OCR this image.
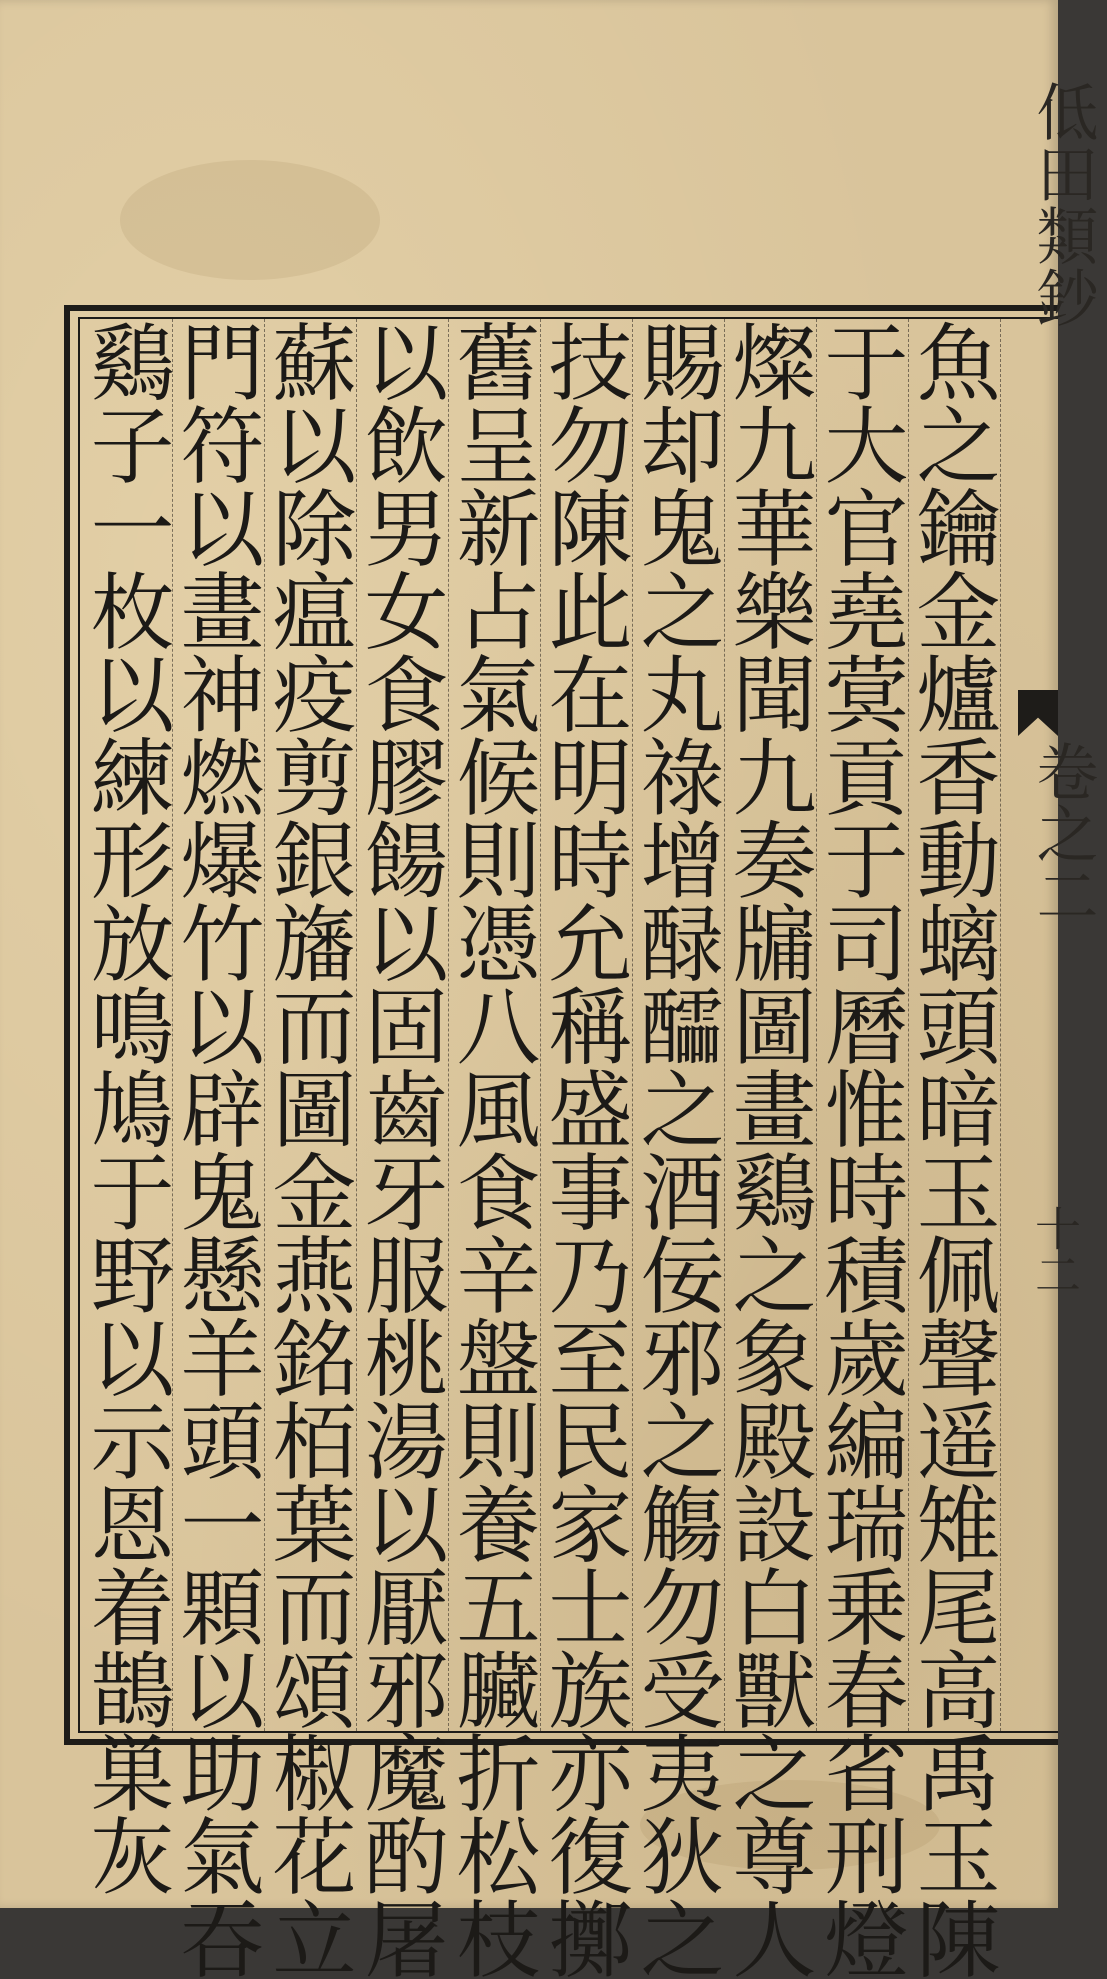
魚之鑰金爐香動螭頭暗玉佩聲遥雉尾高禹玉陳
于大官堯蓂貢于司曆惟時積歲編瑞乗春省刑燈
燦九華樂聞九奏牖圖畫鷄之象殿設白獸之尊人
賜却鬼之丸祿增醁醽之酒佞邪之觴勿受夷狄之
技勿陳此在明時允稱盛事乃至民家士族亦復擲
舊呈新占氣候則憑八風食辛盤則養五臟折松枝
以飲男女食膠餳以固齒牙服桃湯以厭邪魔酌屠
蘇以除瘟疫剪銀旛而圖金燕銘栢葉而頌椒花立
門符以畫神燃爆竹以辟鬼懸羊頭一顆以助氣吞
鷄子一枚以練形放鳴鳩于野以示恩着鵲巣灰
低田類鈔
卷之二
十二
